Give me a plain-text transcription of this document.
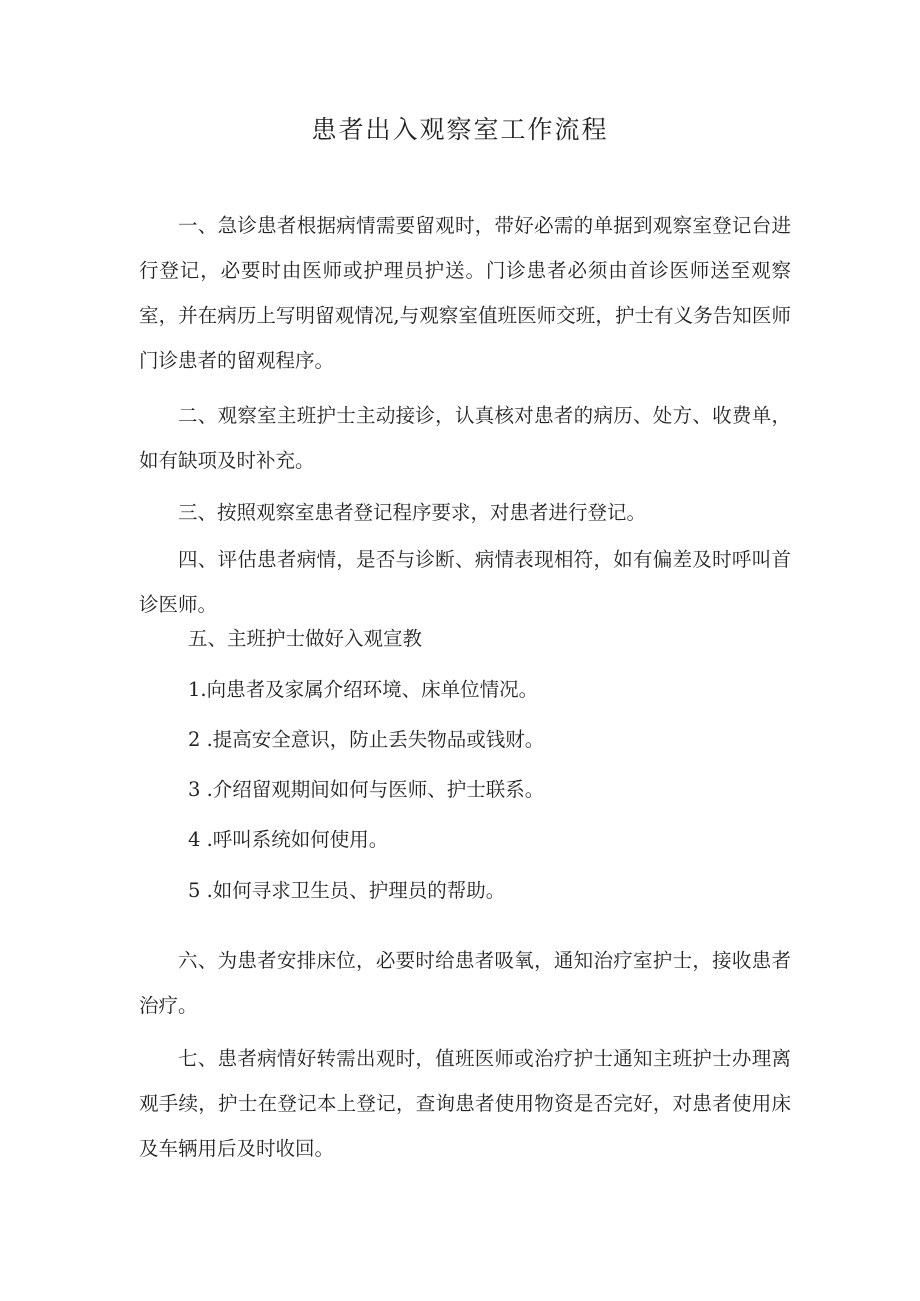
患者出入观察室工作流程

一、急诊患者根据病情需要留观时，带好必需的单据到观察室登记台进行登记，必要时由医师或护理员护送。门诊患者必须由首诊医师送至观察室，并在病历上写明留观情况,与观察室值班医师交班，护士有义务告知医师门诊患者的留观程序。

二、观察室主班护士主动接诊，认真核对患者的病历、处方、收费单，如有缺项及时补充。

三、按照观察室患者登记程序要求，对患者进行登记。

四、评估患者病情，是否与诊断、病情表现相符，如有偏差及时呼叫首诊医师。

五、主班护士做好入观宣教

1.向患者及家属介绍环境、床单位情况。

2 .提高安全意识，防止丢失物品或钱财。

3 .介绍留观期间如何与医师、护士联系。

4 .呼叫系统如何使用。

5 .如何寻求卫生员、护理员的帮助。

六、为患者安排床位，必要时给患者吸氧，通知治疗室护士，接收患者治疗。

七、患者病情好转需出观时，值班医师或治疗护士通知主班护士办理离观手续，护士在登记本上登记，查询患者使用物资是否完好，对患者使用床及车辆用后及时收回。
